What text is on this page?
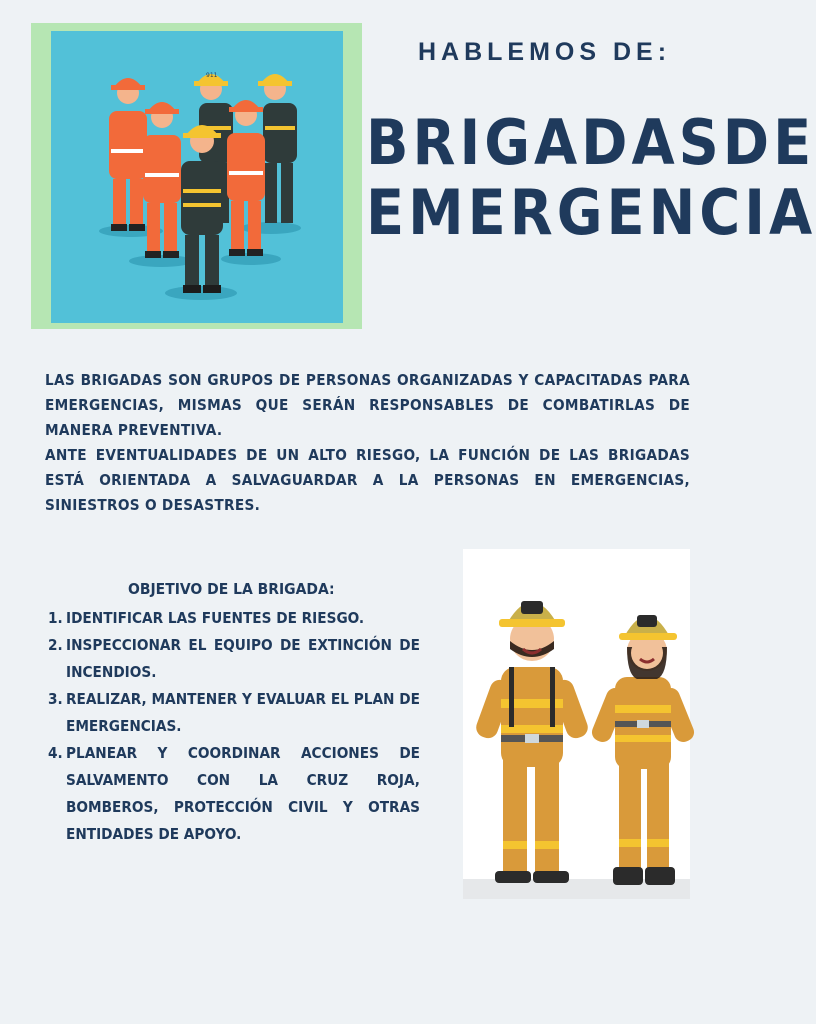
911
HABLEMOS DE:
BRIGADASDE
EMERGENCIA

LAS BRIGADAS SON GRUPOS DE PERSONAS ORGANIZADAS Y CAPACITADAS PARA EMERGENCIAS, MISMAS QUE SERÁN RESPONSABLES DE COMBATIRLAS DE MANERA PREVENTIVA.

ANTE EVENTUALIDADES DE UN ALTO RIESGO, LA FUNCIÓN DE LAS BRIGADAS ESTÁ ORIENTADA A SALVAGUARDAR A LA PERSONAS EN EMERGENCIAS, SINIESTROS O DESASTRES.

OBJETIVO DE LA BRIGADA:
1. IDENTIFICAR LAS FUENTES DE RIESGO.
2. INSPECCIONAR EL EQUIPO DE EXTINCIÓN DE INCENDIOS.
3. REALIZAR, MANTENER Y EVALUAR EL PLAN DE EMERGENCIAS.
4. PLANEAR Y COORDINAR ACCIONES DE SALVAMENTO CON LA CRUZ ROJA, BOMBEROS, PROTECCIÓN CIVIL Y OTRAS ENTIDADES DE APOYO.
